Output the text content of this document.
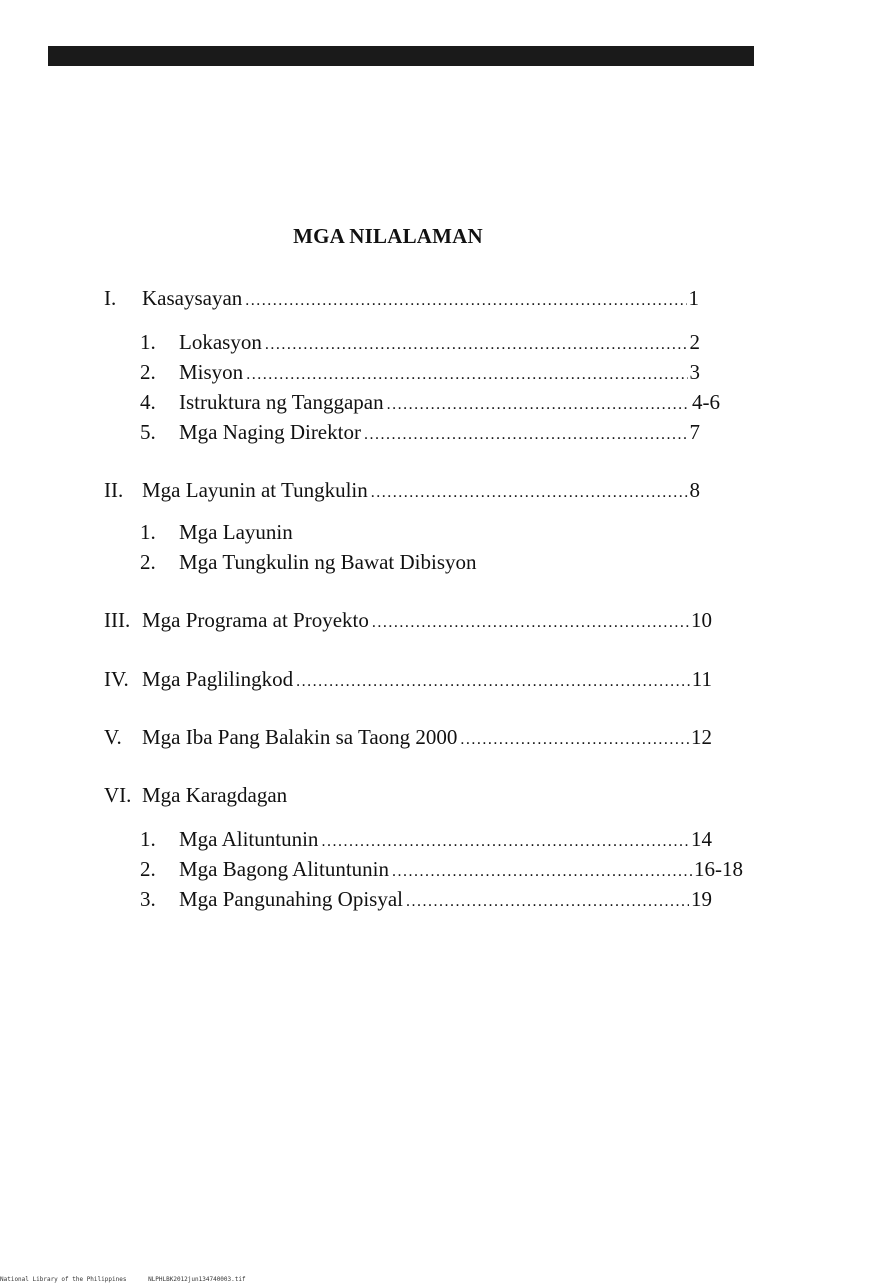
MGA NILALAMAN
I.	Kasaysayan .....	1
1.	Lokasyon .....	2
2.	Misyon .....	3
4.	Istruktura ng Tanggapan .....	4-6
5.	Mga Naging Direktor .....	7
II. Mga Layunin at Tungkulin .....	8
1.	Mga Layunin
2.	Mga Tungkulin ng Bawat Dibisyon
III. Mga Programa at Proyekto .....	10
IV. Mga Paglilingkod .....	11
V. Mga Iba Pang Balakin sa Taong 2000 .....	12
VI. Mga Karagdagan
1.	Mga Alituntunin .....	14
2.	Mga Bagong Alituntunin .....	16-18
3.	Mga Pangunahing Opisyal .....	19
National Library of the Philippines	NLPHLBK2012jun134740003.tif
